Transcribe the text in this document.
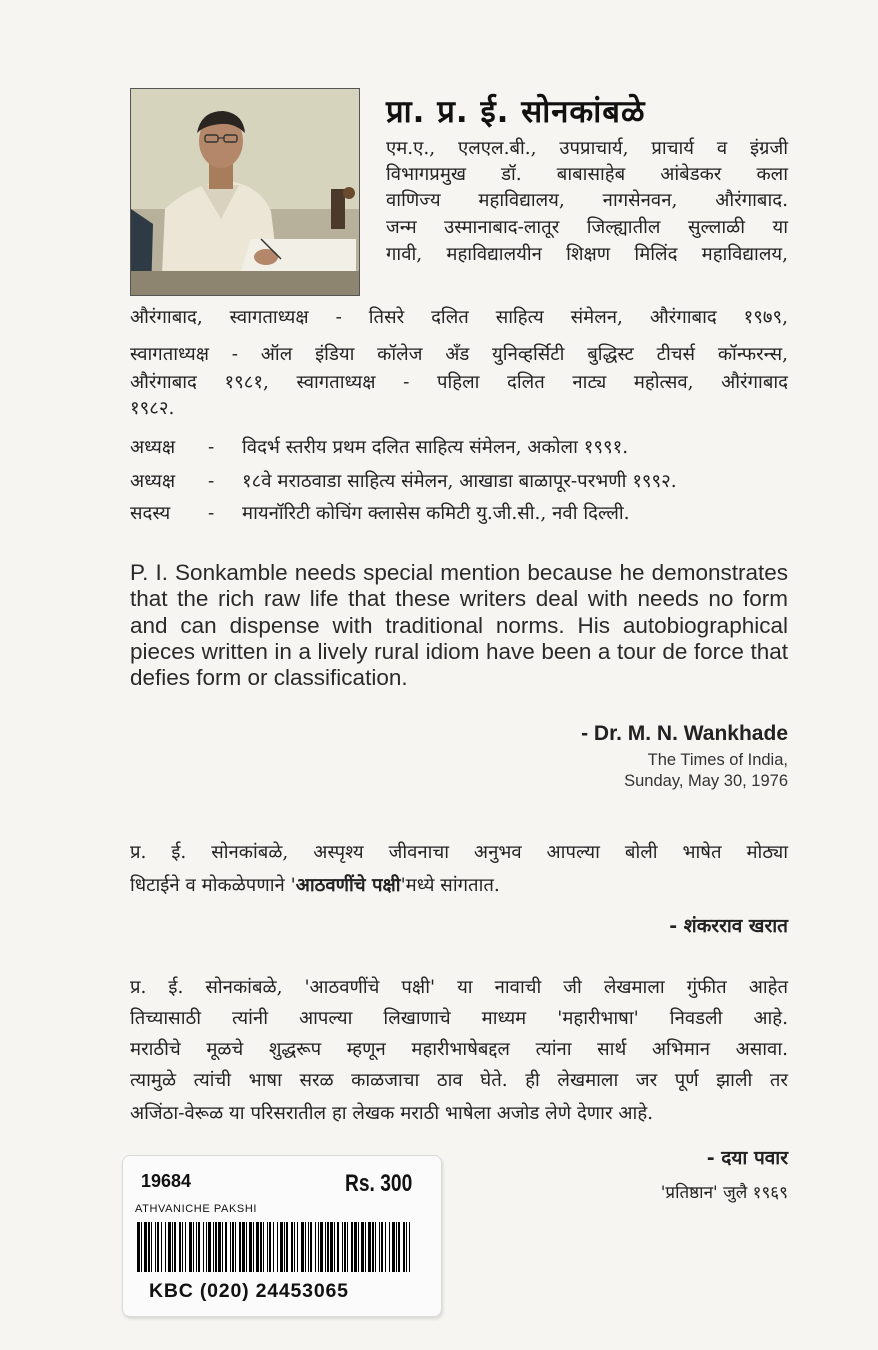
प्रा. प्र. ई. सोनकांबळे
एम.ए., एलएल.बी., उपप्राचार्य, प्राचार्य व इंग्रजी
विभागप्रमुख डॉ. बाबासाहेब आंबेडकर कला
वाणिज्य महाविद्यालय, नागसेनवन, औरंगाबाद.
जन्म उस्मानाबाद-लातूर जिल्ह्यातील सुल्लाळी या
गावी, महाविद्यालयीन शिक्षण मिलिंद महाविद्यालय,
औरंगाबाद, स्वागताध्यक्ष - तिसरे दलित साहित्य संमेलन, औरंगाबाद १९७९,
स्वागताध्यक्ष - ऑल इंडिया कॉलेज अँड युनिव्हर्सिटी बुद्धिस्ट टीचर्स कॉन्फरन्स,
औरंगाबाद १९८१, स्वागताध्यक्ष - पहिला दलित नाट्य महोत्सव, औरंगाबाद
१९८२.
अध्यक्ष - विदर्भ स्तरीय प्रथम दलित साहित्य संमेलन, अकोला १९९१.
अध्यक्ष - १८वे मराठवाडा साहित्य संमेलन, आखाडा बाळापूर-परभणी १९९२.
सदस्य - मायनॉरिटी कोचिंग क्लासेस कमिटी यु.जी.सी., नवी दिल्ली.

P. I. Sonkamble needs special mention because he demonstrates that the rich raw life that these writers deal with needs no form and can dispense with traditional norms. His autobiographical pieces written in a lively rural idiom have been a tour de force that defies form or classification.

- Dr. M. N. Wankhade

The Times of India,
Sunday, May 30, 1976
प्र. ई. सोनकांबळे, अस्पृश्य जीवनाचा अनुभव आपल्या बोली भाषेत मोठ्या
धिटाईने व मोकळेपणाने 'आठवणींचे पक्षी'मध्ये सांगतात.
- शंकरराव खरात
प्र. ई. सोनकांबळे, 'आठवणींचे पक्षी' या नावाची जी लेखमाला गुंफीत आहेत
तिच्यासाठी त्यांनी आपल्या लिखाणाचे माध्यम 'महारीभाषा' निवडली आहे.
मराठीचे मूळचे शुद्धरूप म्हणून महारीभाषेबद्दल त्यांना सार्थ अभिमान असावा.
त्यामुळे त्यांची भाषा सरळ काळजाचा ठाव घेते. ही लेखमाला जर पूर्ण झाली तर
अजिंठा-वेरूळ या परिसरातील हा लेखक मराठी भाषेला अजोड लेणे देणार आहे.
- दया पवार
'प्रतिष्ठान' जुलै १९६९
19684	Rs. 300
ATHVANICHE PAKSHI
KBC (020) 24453065
